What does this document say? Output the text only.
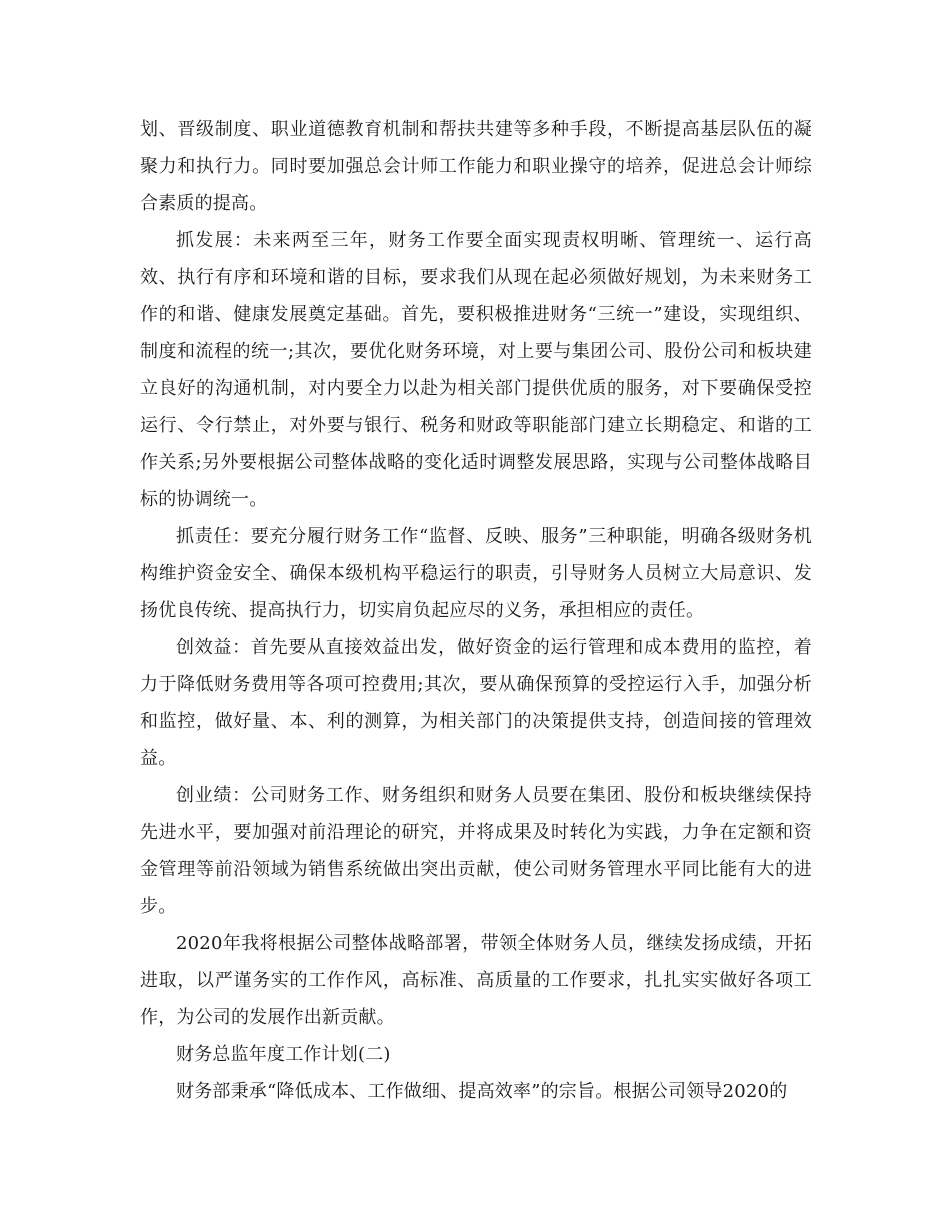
划、晋级制度、职业道德教育机制和帮扶共建等多种手段，不断提高基层队伍的凝聚力和执行力。同时要加强总会计师工作能力和职业操守的培养，促进总会计师综合素质的提高。

抓发展：未来两至三年，财务工作要全面实现责权明晰、管理统一、运行高效、执行有序和环境和谐的目标，要求我们从现在起必须做好规划，为未来财务工作的和谐、健康发展奠定基础。首先，要积极推进财务“三统一”建设，实现组织、制度和流程的统一;其次，要优化财务环境，对上要与集团公司、股份公司和板块建立良好的沟通机制，对内要全力以赴为相关部门提供优质的服务，对下要确保受控运行、令行禁止，对外要与银行、税务和财政等职能部门建立长期稳定、和谐的工作关系;另外要根据公司整体战略的变化适时调整发展思路，实现与公司整体战略目标的协调统一。

抓责任：要充分履行财务工作“监督、反映、服务”三种职能，明确各级财务机构维护资金安全、确保本级机构平稳运行的职责，引导财务人员树立大局意识、发扬优良传统、提高执行力，切实肩负起应尽的义务，承担相应的责任。

创效益：首先要从直接效益出发，做好资金的运行管理和成本费用的监控，着力于降低财务费用等各项可控费用;其次，要从确保预算的受控运行入手，加强分析和监控，做好量、本、利的测算，为相关部门的决策提供支持，创造间接的管理效益。

创业绩：公司财务工作、财务组织和财务人员要在集团、股份和板块继续保持先进水平，要加强对前沿理论的研究，并将成果及时转化为实践，力争在定额和资金管理等前沿领域为销售系统做出突出贡献，使公司财务管理水平同比能有大的进步。

2020年我将根据公司整体战略部署，带领全体财务人员，继续发扬成绩，开拓进取，以严谨务实的工作作风，高标准、高质量的工作要求，扎扎实实做好各项工作，为公司的发展作出新贡献。

财务总监年度工作计划(二)

财务部秉承“降低成本、工作做细、提高效率”的宗旨。根据公司领导2020的
